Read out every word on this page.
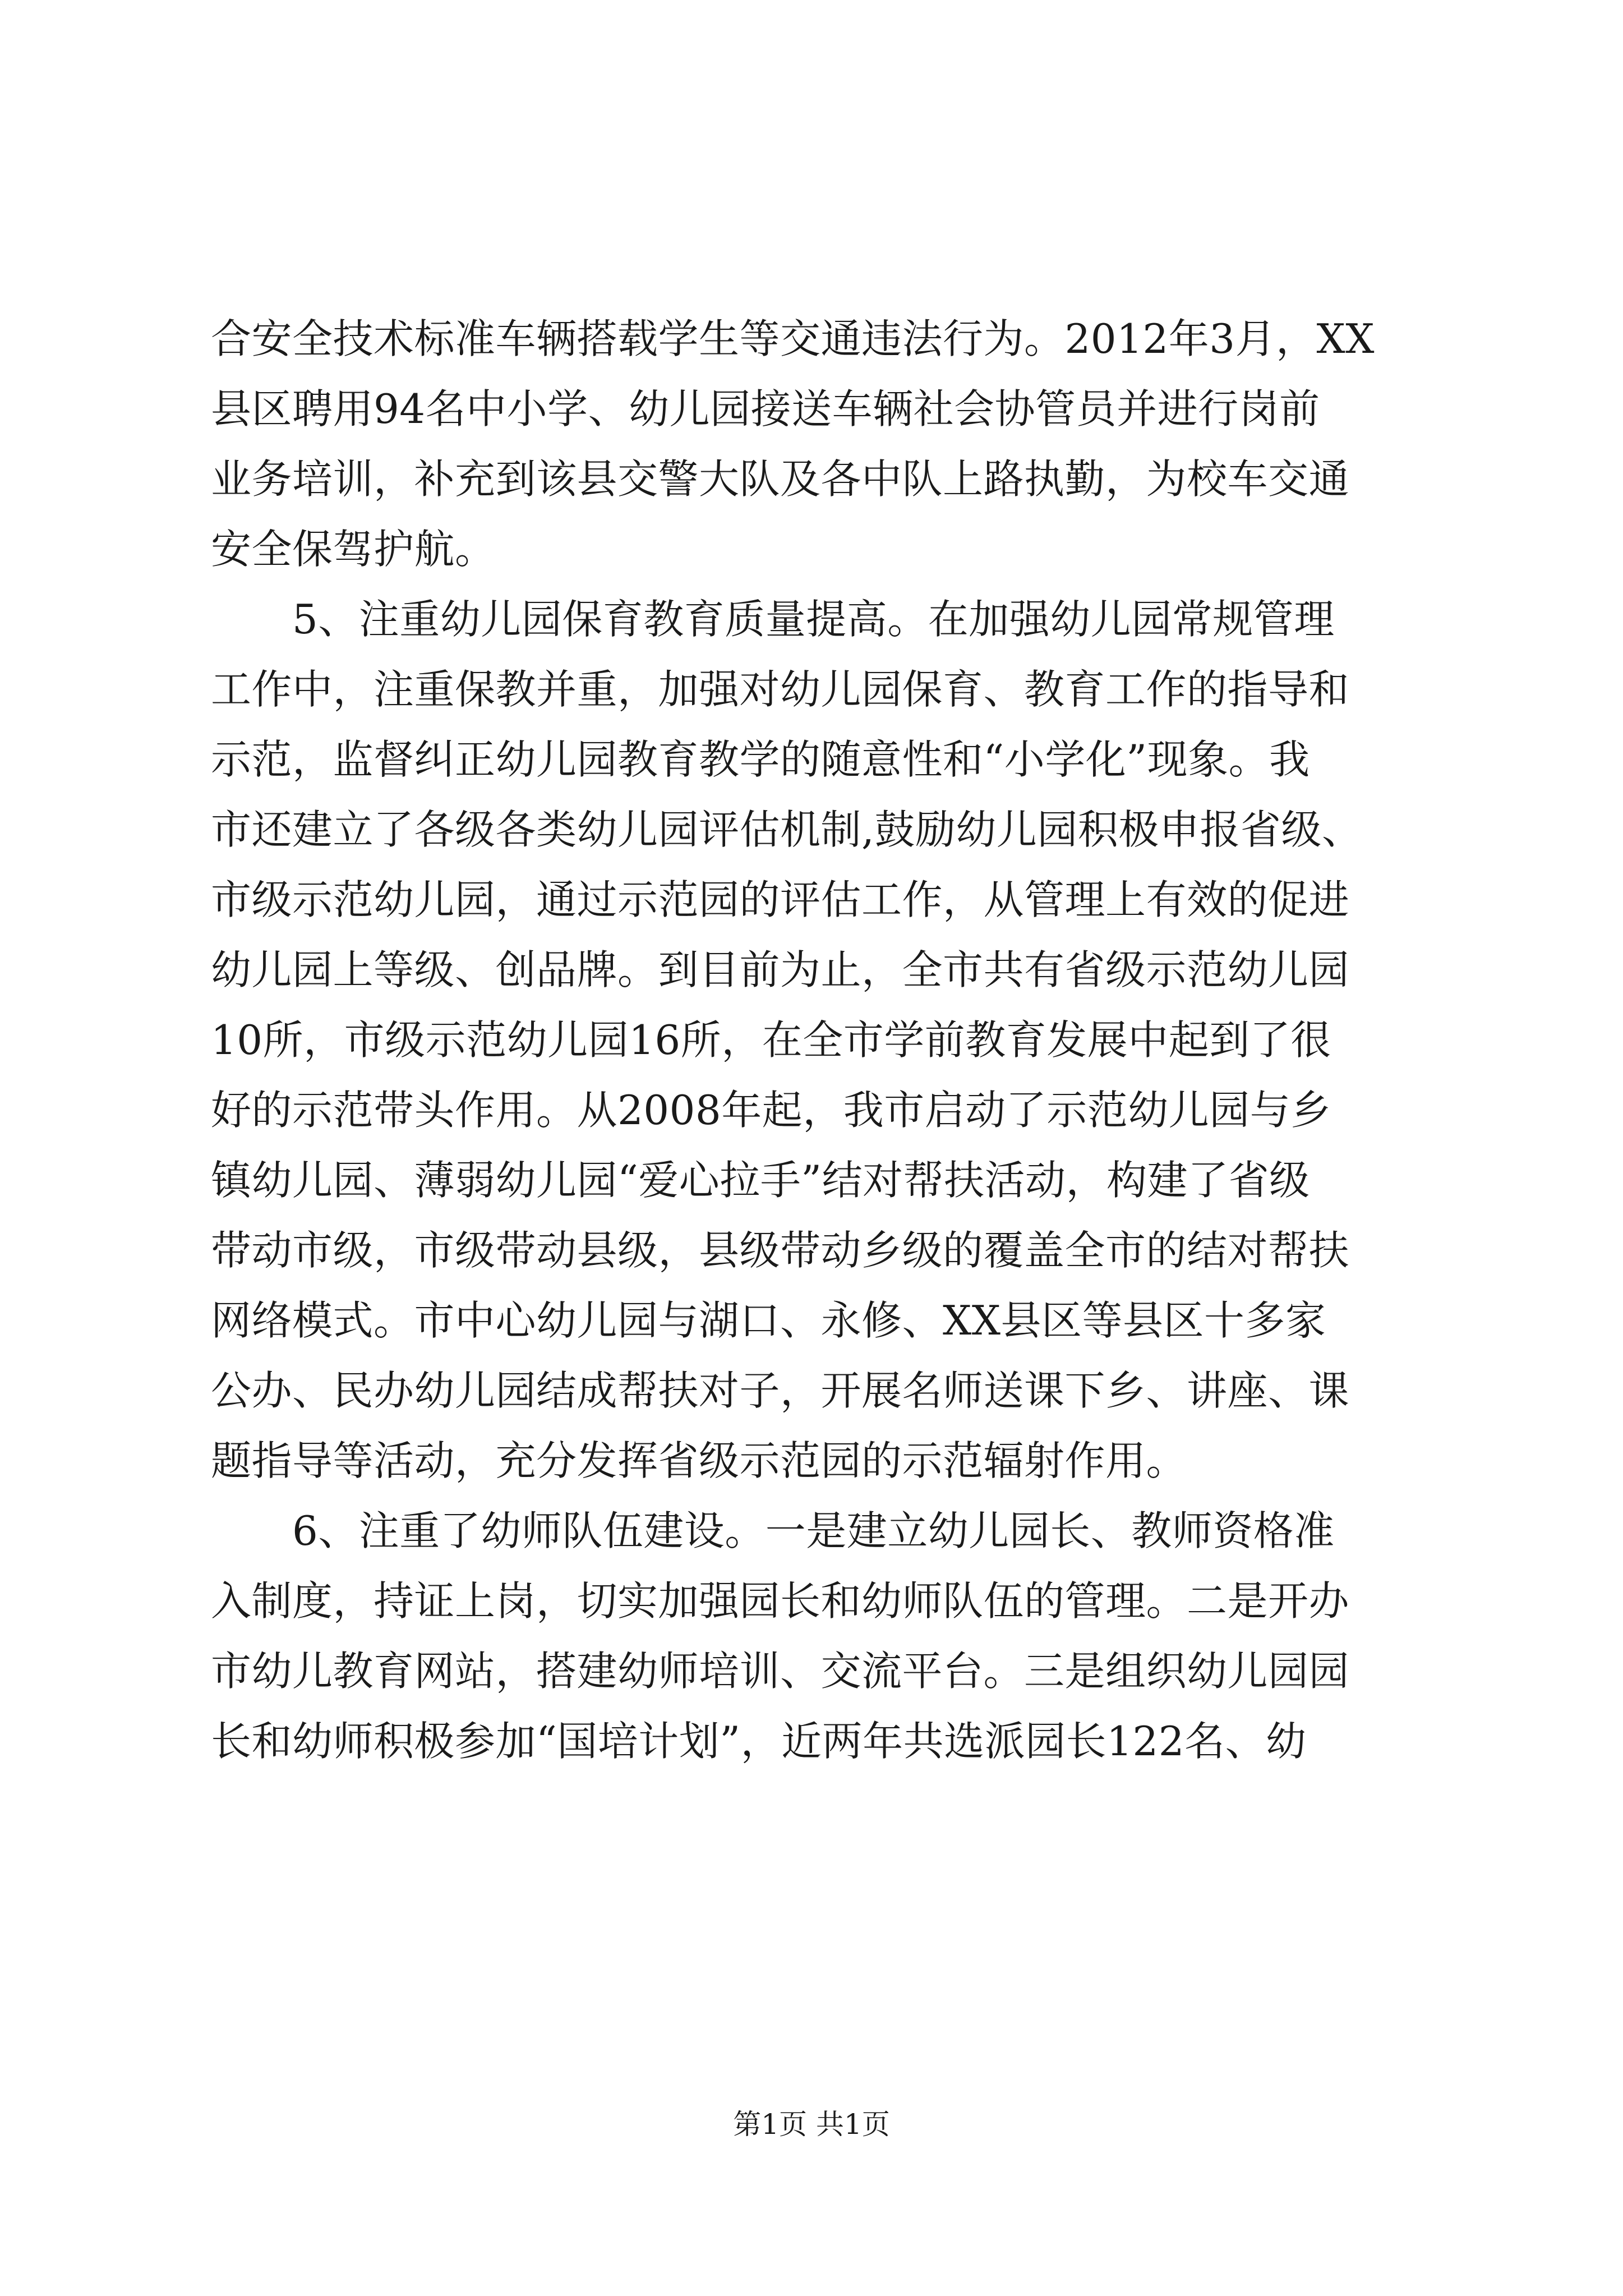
合安全技术标准车辆搭载学生等交通违法行为。2012年3月，XX
县区聘用94名中小学、幼儿园接送车辆社会协管员并进行岗前
业务培训，补充到该县交警大队及各中队上路执勤，为校车交通
安全保驾护航。
　　5、注重幼儿园保育教育质量提高。在加强幼儿园常规管理
工作中，注重保教并重，加强对幼儿园保育、教育工作的指导和
示范，监督纠正幼儿园教育教学的随意性和“小学化”现象。我
市还建立了各级各类幼儿园评估机制,鼓励幼儿园积极申报省级、
市级示范幼儿园，通过示范园的评估工作，从管理上有效的促进
幼儿园上等级、创品牌。到目前为止，全市共有省级示范幼儿园
10所，市级示范幼儿园16所，在全市学前教育发展中起到了很
好的示范带头作用。从2008年起，我市启动了示范幼儿园与乡
镇幼儿园、薄弱幼儿园“爱心拉手”结对帮扶活动，构建了省级
带动市级，市级带动县级，县级带动乡级的覆盖全市的结对帮扶
网络模式。市中心幼儿园与湖口、永修、XX县区等县区十多家
公办、民办幼儿园结成帮扶对子，开展名师送课下乡、讲座、课
题指导等活动，充分发挥省级示范园的示范辐射作用。
　　6、注重了幼师队伍建设。一是建立幼儿园长、教师资格准
入制度，持证上岗，切实加强园长和幼师队伍的管理。二是开办
市幼儿教育网站，搭建幼师培训、交流平台。三是组织幼儿园园
长和幼师积极参加“国培计划”，近两年共选派园长122名、幼
第1页 共1页
